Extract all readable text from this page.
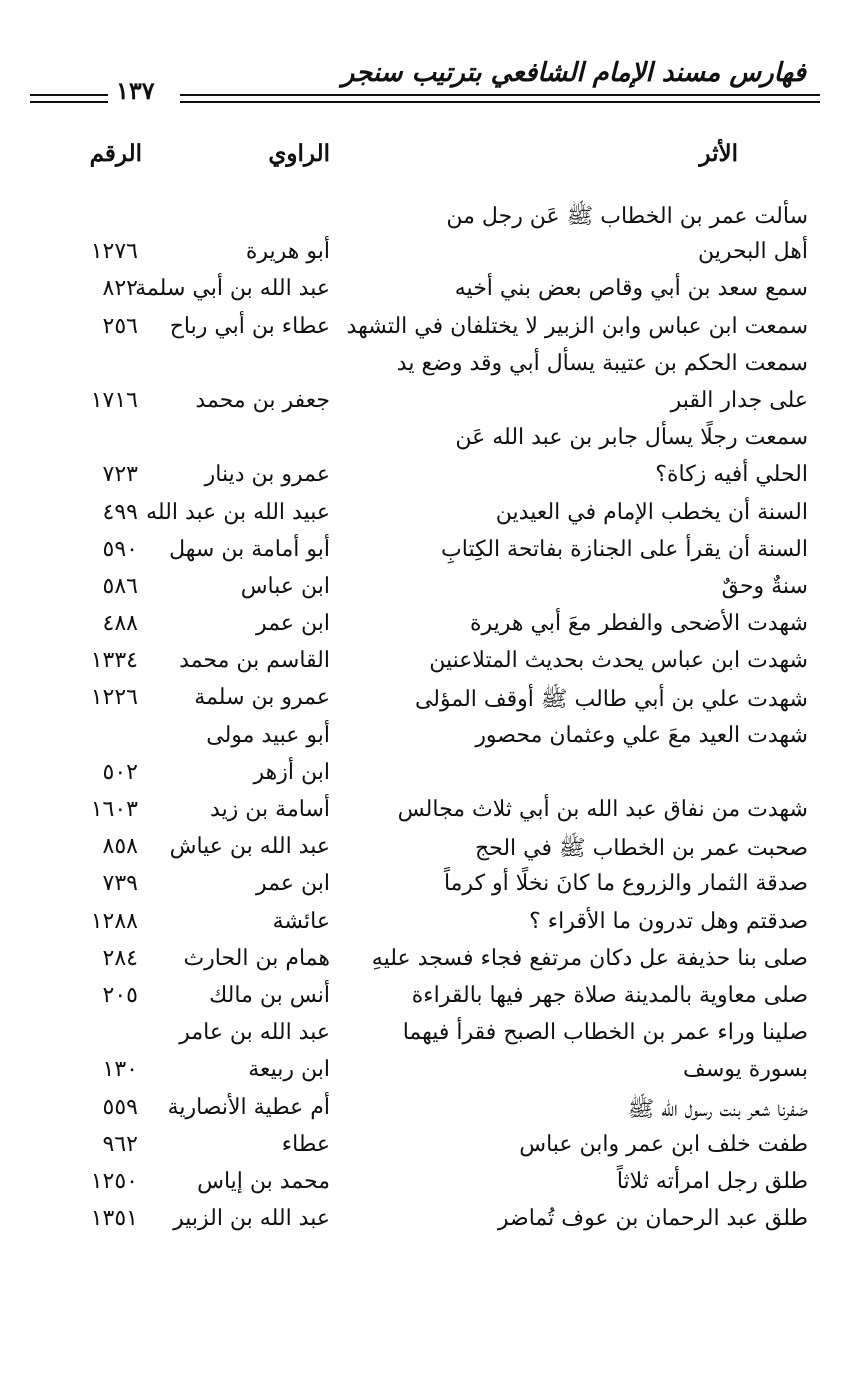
فهارس مسند الإمام الشافعي بترتيب سنجر
١٣٧
الأثر
الراوي
الرقم
سألت عمر بن الخطاب ﷺ عَن رجل من
أهل البحرين
أبو هريرة
١٢٧٦
سمع سعد بن أبي وقاص بعض بني أخيه
عبد الله بن أبي سلمة
٨٢٢
سمعت ابن عباس وابن الزبير لا يختلفان في التشهد
عطاء بن أبي رباح
٢٥٦
سمعت الحكم بن عتيبة يسأل أبي وقد وضع يد
على جدار القبر
جعفر بن محمد
١٧١٦
سمعت رجلًا يسأل جابر بن عبد الله عَن
الحلي أفيه زكاة؟
عمرو بن دينار
٧٢٣
السنة أن يخطب الإمام في العيدين
عبيد الله بن عبد الله
٤٩٩
السنة أن يقرأ على الجنازة بفاتحة الكِتابِ
أبو أمامة بن سهل
٥٩٠
سنةٌ وحقٌ
ابن عباس
٥٨٦
شهدت الأضحى والفطر معَ أبي هريرة
ابن عمر
٤٨٨
شهدت ابن عباس يحدث بحديث المتلاعنين
القاسم بن محمد
١٣٣٤
شهدت علي بن أبي طالب ﷺ أوقف المؤلى
عمرو بن سلمة
١٢٢٦
شهدت العيد معَ علي وعثمان محصور
أبو عبيد مولى
ابن أزهر
٥٠٢
شهدت من نفاق عبد الله بن أبي ثلاث مجالس
أسامة بن زيد
١٦٠٣
صحبت عمر بن الخطاب ﷺ في الحج
عبد الله بن عياش
٨٥٨
صدقة الثمار والزروع ما كانَ نخلًا أو كرماً
ابن عمر
٧٣٩
صدقتم وهل تدرون ما الأقراء ؟
عائشة
١٢٨٨
صلى بنا حذيفة عل دكان مرتفع فجاء فسجد عليهِ
همام بن الحارث
٢٨٤
صلى معاوية بالمدينة صلاة جهر فيها بالقراءة
أنس بن مالك
٢٠٥
صلينا وراء عمر بن الخطاب الصبح فقرأ فيهما
عبد الله بن عامر
بسورة يوسف
ابن ربيعة
١٣٠
ضفرنا شعر بنت رسول الله ﷺ
أم عطية الأنصارية
٥٥٩
طفت خلف ابن عمر وابن عباس
عطاء
٩٦٢
طلق رجل امرأته ثلاثاً
محمد بن إياس
١٢٥٠
طلق عبد الرحمان بن عوف تُماضر
عبد الله بن الزبير
١٣٥١
